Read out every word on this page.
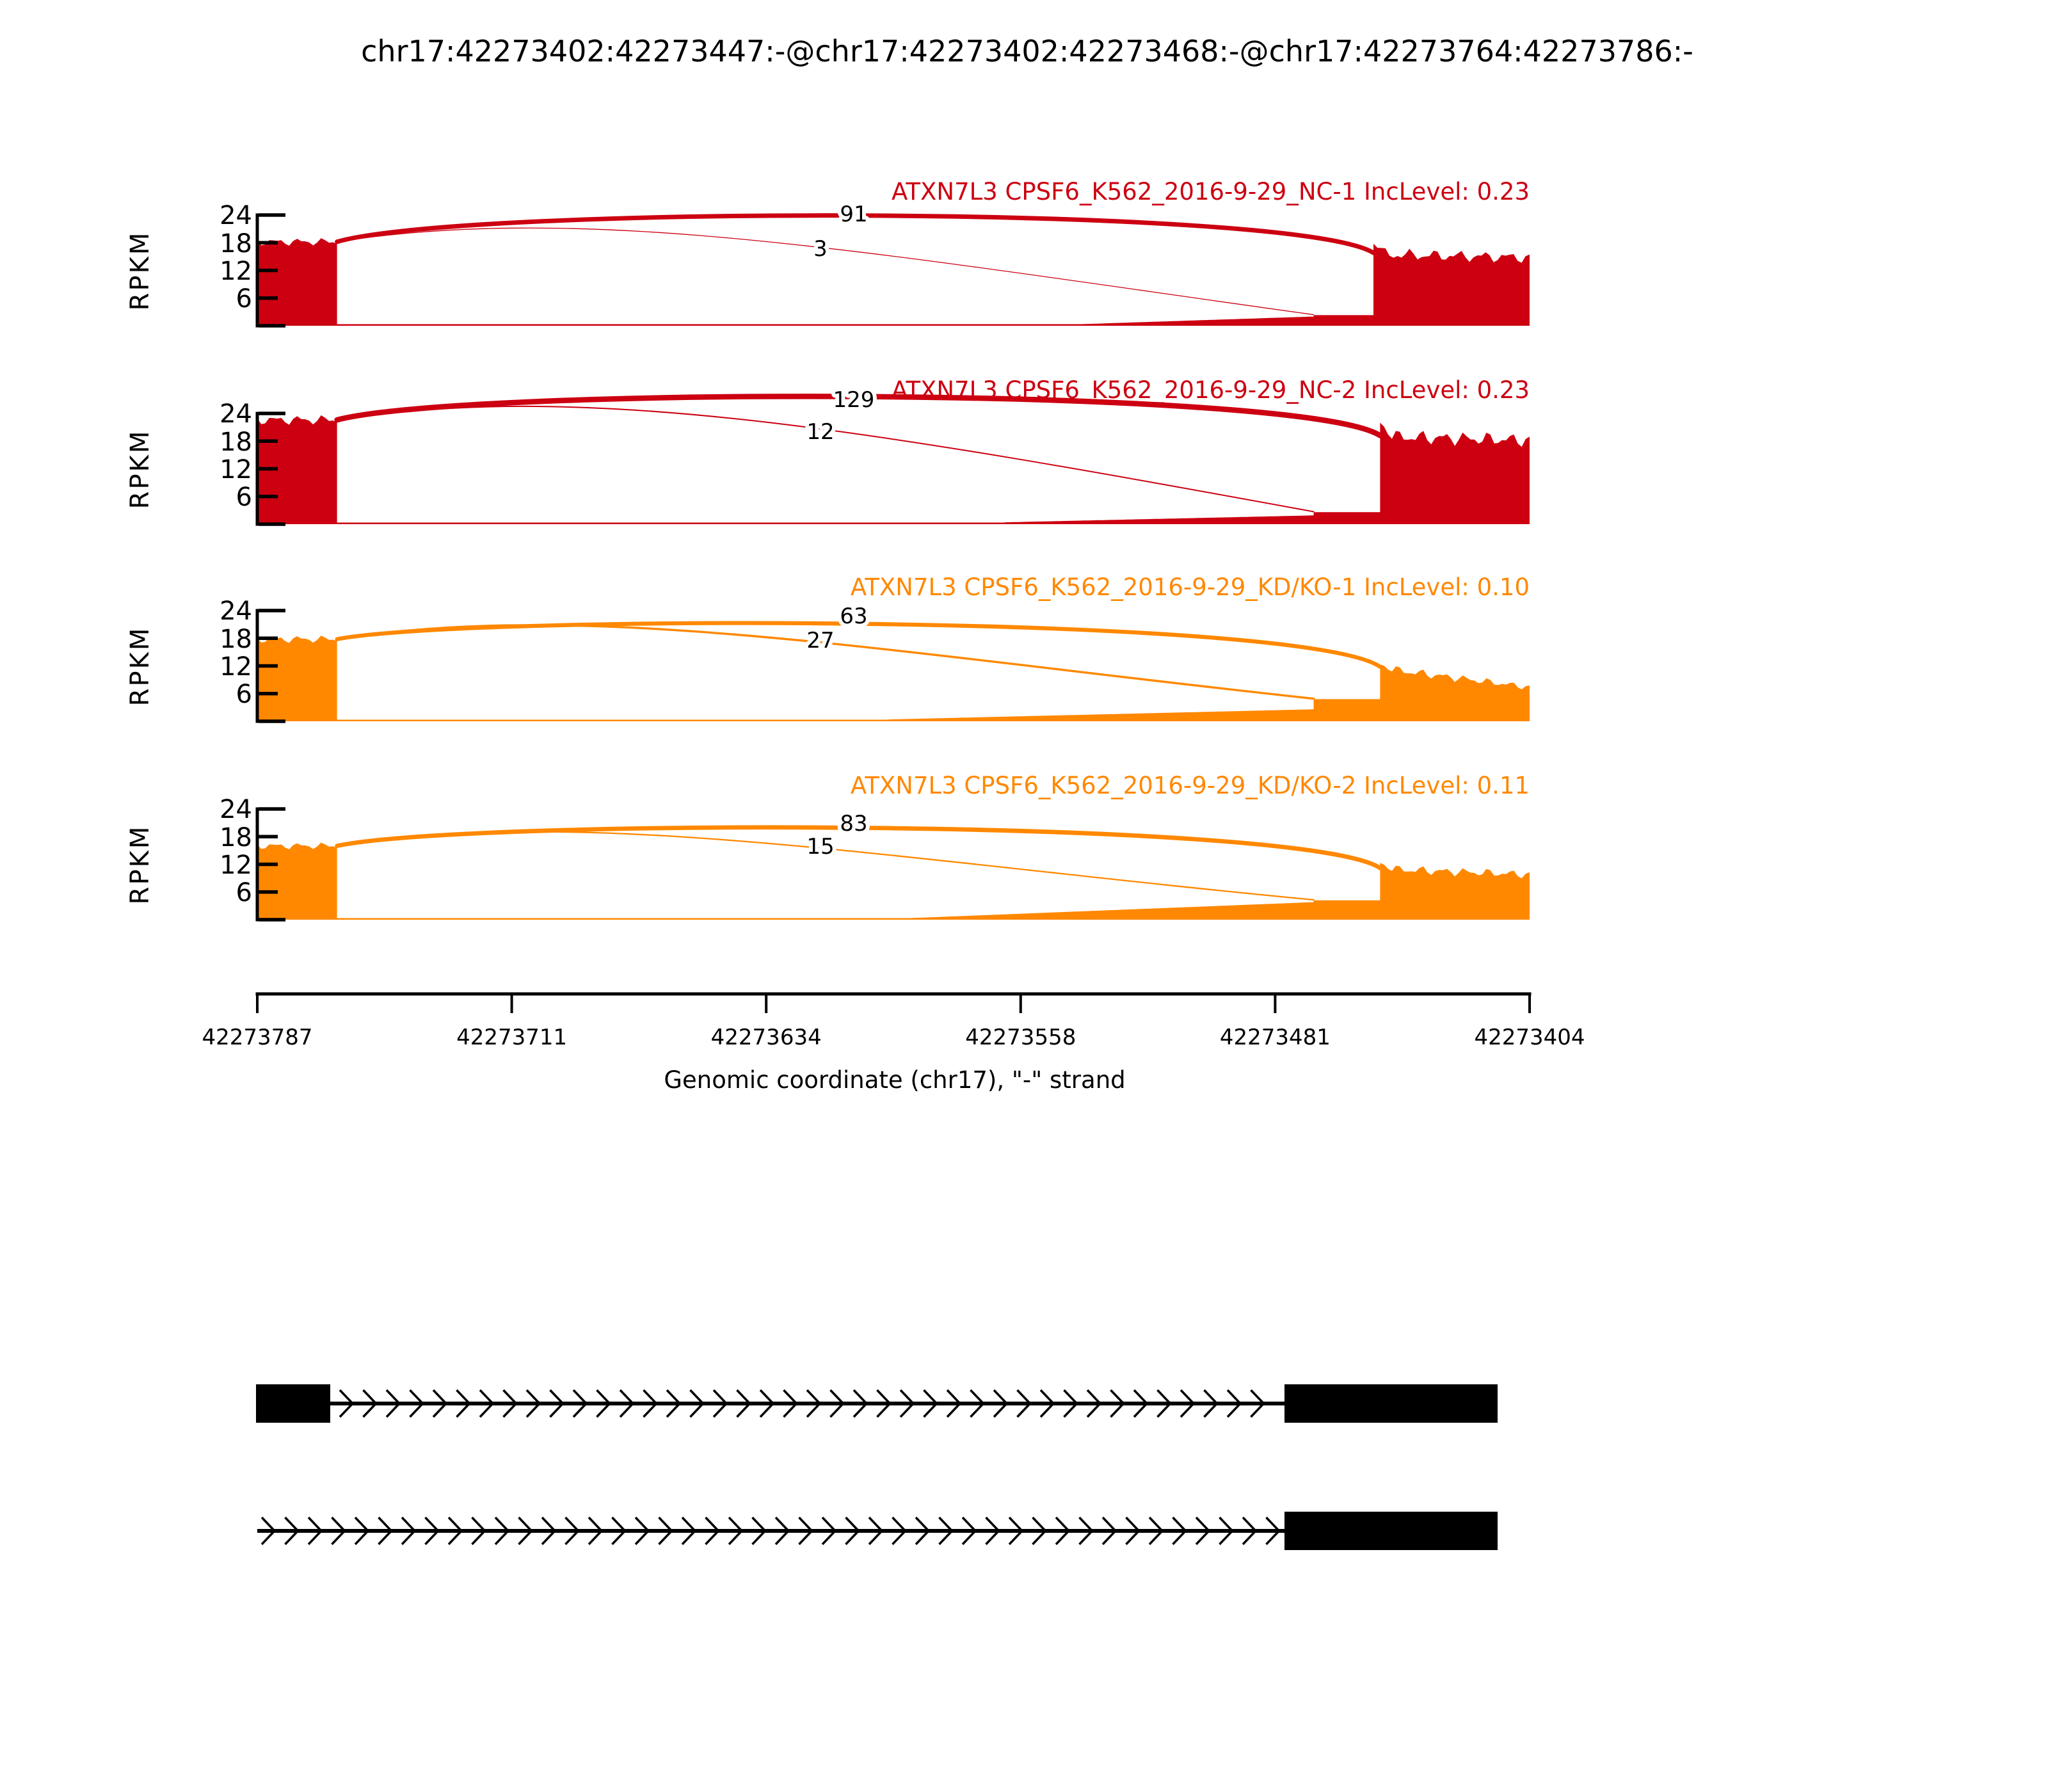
chr17:42273402:42273447:-@chr17:42273402:42273468:-@chr17:42273764:42273786:-
ATXN7L3 CPSF6_K562_2016-9-29_NC-1 IncLevel: 0.23
91
3
24
18
12
6
RPKM
ATXN7L3 CPSF6_K562_2016-9-29_NC-2 IncLevel: 0.23
129
12
24
18
12
6
RPKM
ATXN7L3 CPSF6_K562_2016-9-29_KD/KO-1 IncLevel: 0.10
63
27
24
18
12
6
RPKM
ATXN7L3 CPSF6_K562_2016-9-29_KD/KO-2 IncLevel: 0.11
83
15
24
18
12
6
RPKM
42273787	42273711	42273634	42273558	42273481	42273404
Genomic coordinate (chr17), "-" strand
